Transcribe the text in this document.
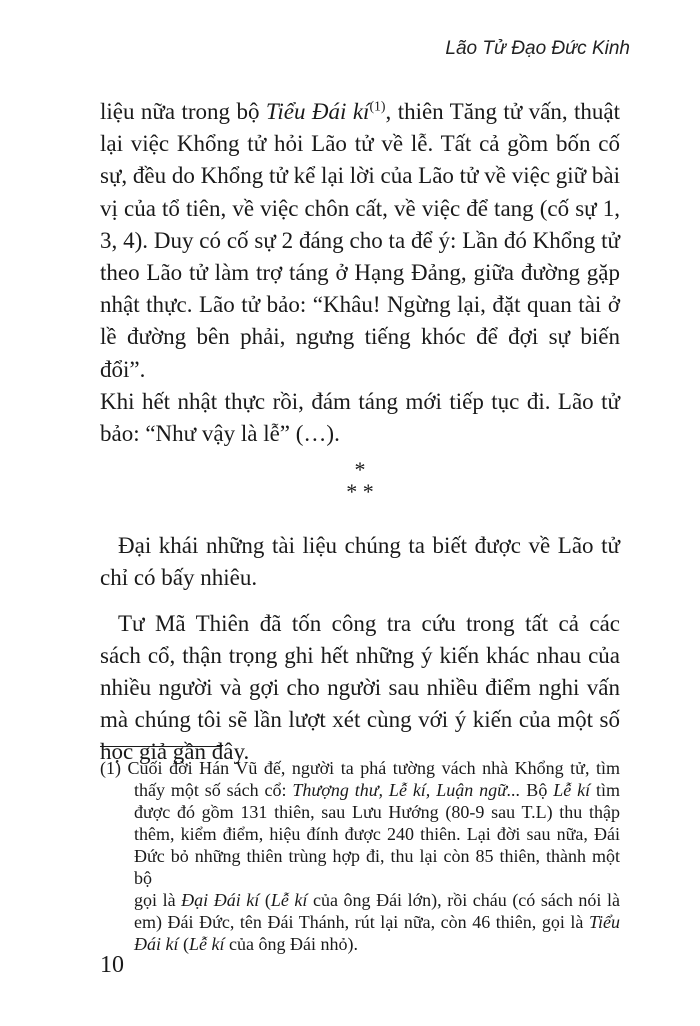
Lão Tử Đạo Đức Kinh
liệu nữa trong bộ Tiểu Đái $kí^{(1)}$, thiên Tăng tử vấn, thuật
lại việc Khổng tử hỏi Lão tử về lễ. Tất cả gồm bốn cố
sự, đều do Khổng tử kể lại lời của Lão tử về việc giữ bài
vị của tổ tiên, về việc chôn cất, về việc để tang (cố sự 1,
3, 4). Duy có cố sự 2 đáng cho ta để ý: Lần đó Khổng tử
theo Lão tử làm trợ táng ở Hạng Đảng, giữa đường gặp
nhật thực. Lão tử bảo: “Khâu! Ngừng lại, đặt quan tài ở
lề đường bên phải, ngưng tiếng khóc để đợi sự biến đổi”.
Khi hết nhật thực rồi, đám táng mới tiếp tục đi. Lão tử
bảo: “Như vậy là lễ” (…).
*
* *
Đại khái những tài liệu chúng ta biết được về Lão tử
chỉ có bấy nhiêu.
Tư Mã Thiên đã tốn công tra cứu trong tất cả các
sách cổ, thận trọng ghi hết những ý kiến khác nhau của
nhiều người và gợi cho người sau nhiều điểm nghi vấn
mà chúng tôi sẽ lần lượt xét cùng với ý kiến của một số
học giả gần đây.
(1) Cuối đời Hán Vũ đế, người ta phá tường vách nhà Khổng tử, tìm
thấy một số sách cổ: Thượng thư, Lễ kí, Luận ngữ... Bộ Lễ kí tìm
được đó gồm 131 thiên, sau Lưu Hướng (80-9 sau T.L) thu thập
thêm, kiểm điểm, hiệu đính được 240 thiên. Lại đời sau nữa, Đái
Đức bỏ những thiên trùng hợp đi, thu lại còn 85 thiên, thành một bộ
gọi là Đại Đái kí (Lễ kí của ông Đái lớn), rồi cháu (có sách nói là
em) Đái Đức, tên Đái Thánh, rút lại nữa, còn 46 thiên, gọi là Tiểu
Đái kí (Lễ kí của ông Đái nhỏ).
10
